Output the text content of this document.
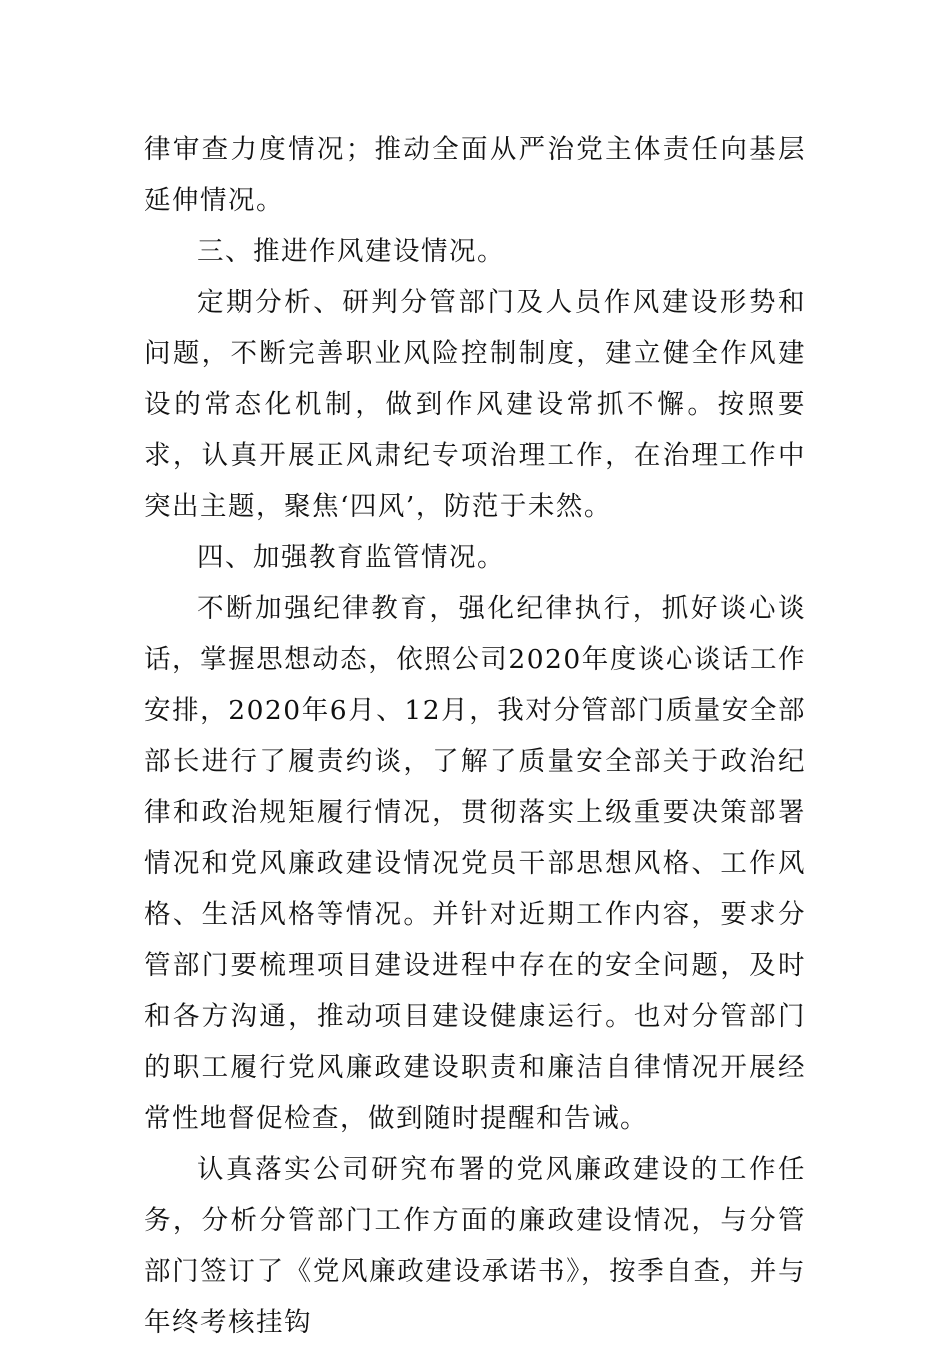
律审查力度情况；推动全面从严治党主体责任向基层延伸情况。

三、推进作风建设情况。

定期分析、研判分管部门及人员作风建设形势和问题，不断完善职业风险控制制度，建立健全作风建设的常态化机制，做到作风建设常抓不懈。按照要求，认真开展正风肃纪专项治理工作，在治理工作中突出主题，聚焦‘四风’，防范于未然。

四、加强教育监管情况。

不断加强纪律教育，强化纪律执行，抓好谈心谈话，掌握思想动态，依照公司2020年度谈心谈话工作安排，2020年6月、12月，我对分管部门质量安全部部长进行了履责约谈，了解了质量安全部关于政治纪律和政治规矩履行情况，贯彻落实上级重要决策部署情况和党风廉政建设情况党员干部思想风格、工作风格、生活风格等情况。并针对近期工作内容，要求分管部门要梳理项目建设进程中存在的安全问题，及时和各方沟通，推动项目建设健康运行。也对分管部门的职工履行党风廉政建设职责和廉洁自律情况开展经常性地督促检查，做到随时提醒和告诫。

认真落实公司研究布署的党风廉政建设的工作任务，分析分管部门工作方面的廉政建设情况，与分管部门签订了《党风廉政建设承诺书》，按季自查，并与年终考核挂钩
